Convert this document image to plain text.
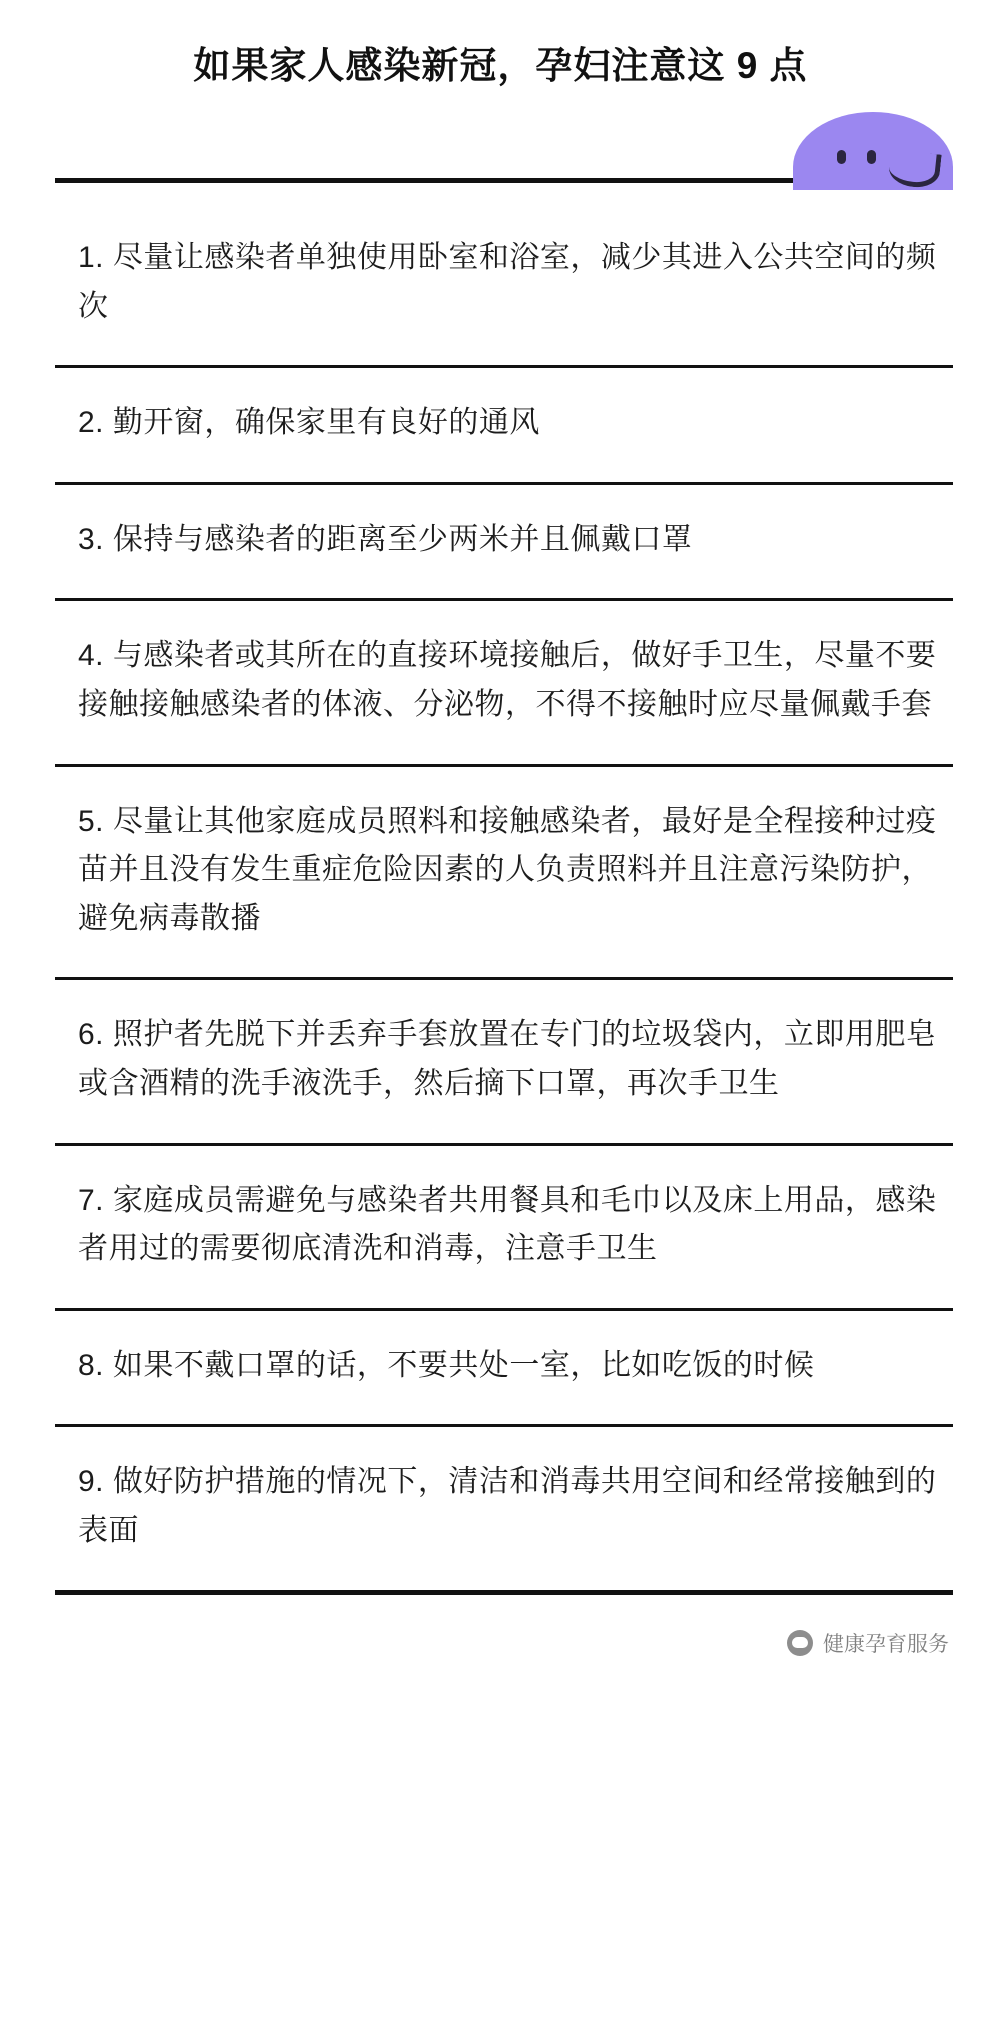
如果家人感染新冠，孕妇注意这 9 点
1. 尽量让感染者单独使用卧室和浴室，减少其进入公共空间的频次
2. 勤开窗，确保家里有良好的通风
3. 保持与感染者的距离至少两米并且佩戴口罩
4. 与感染者或其所在的直接环境接触后，做好手卫生，尽量不要接触接触感染者的体液、分泌物，不得不接触时应尽量佩戴手套
5. 尽量让其他家庭成员照料和接触感染者，最好是全程接种过疫苗并且没有发生重症危险因素的人负责照料并且注意污染防护，避免病毒散播
6. 照护者先脱下并丢弃手套放置在专门的垃圾袋内，立即用肥皂或含酒精的洗手液洗手，然后摘下口罩，再次手卫生
7. 家庭成员需避免与感染者共用餐具和毛巾以及床上用品，感染者用过的需要彻底清洗和消毒，注意手卫生
8. 如果不戴口罩的话，不要共处一室，比如吃饭的时候
9. 做好防护措施的情况下，清洁和消毒共用空间和经常接触到的表面
健康孕育服务
